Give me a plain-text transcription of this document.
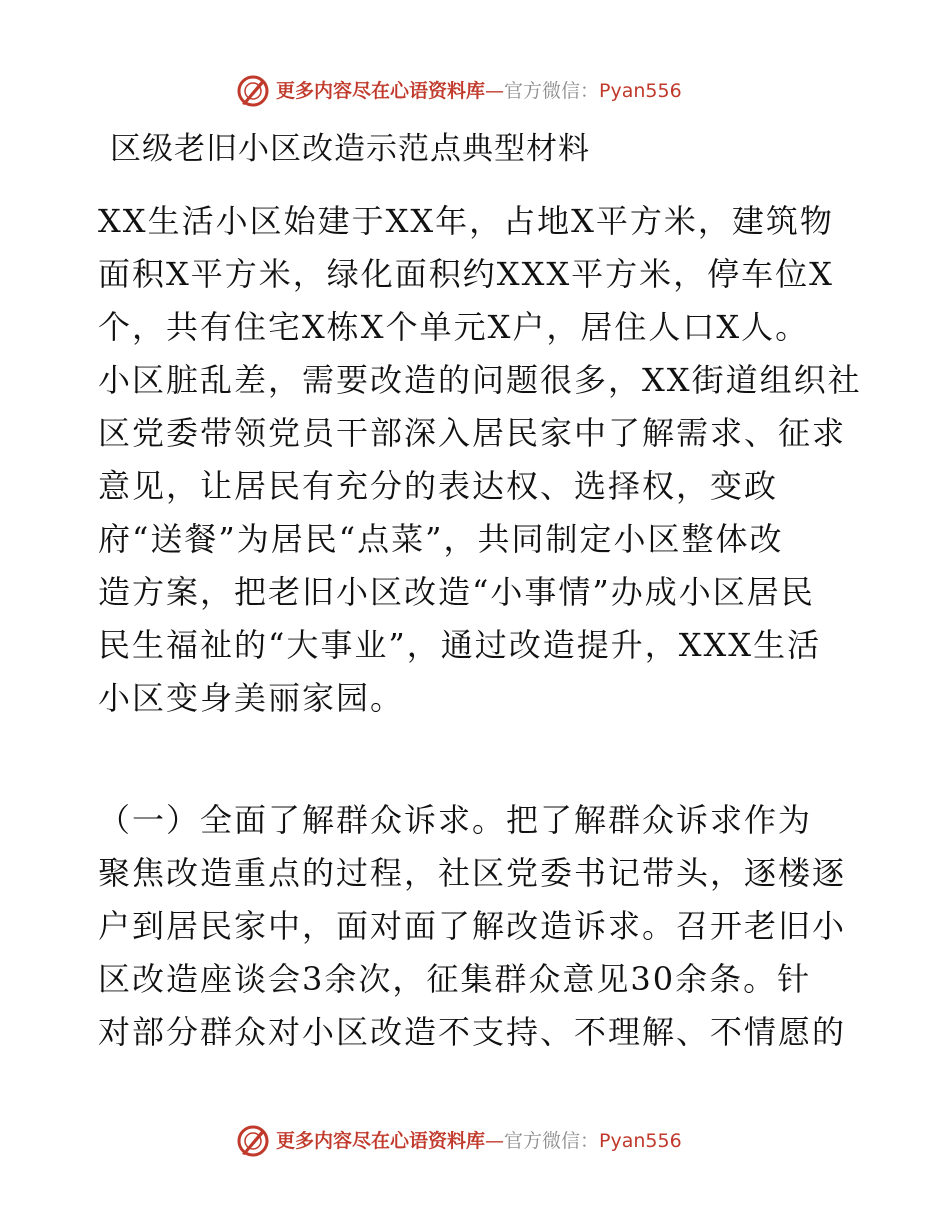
更多内容尽在心语资料库 — 官方微信： Pyan556
区级老旧小区改造示范点典型材料
XX生活小区始建于XX年，占地X平方米，建筑物
面积X平方米，绿化面积约XXX平方米，停车位X
个，共有住宅X栋X个单元X户，居住人口X人。
小区脏乱差，需要改造的问题很多，XX街道组织社
区党委带领党员干部深入居民家中了解需求、征求
意见，让居民有充分的表达权、选择权，变政
府“送餐”为居民“点菜”，共同制定小区整体改
造方案，把老旧小区改造“小事情”办成小区居民
民生福祉的“大事业”，通过改造提升，XXX生活
小区变身美丽家园。
（一）全面了解群众诉求。把了解群众诉求作为
聚焦改造重点的过程，社区党委书记带头，逐楼逐
户到居民家中，面对面了解改造诉求。召开老旧小
区改造座谈会3余次，征集群众意见30余条。针
对部分群众对小区改造不支持、不理解、不情愿的
更多内容尽在心语资料库 — 官方微信： Pyan556
